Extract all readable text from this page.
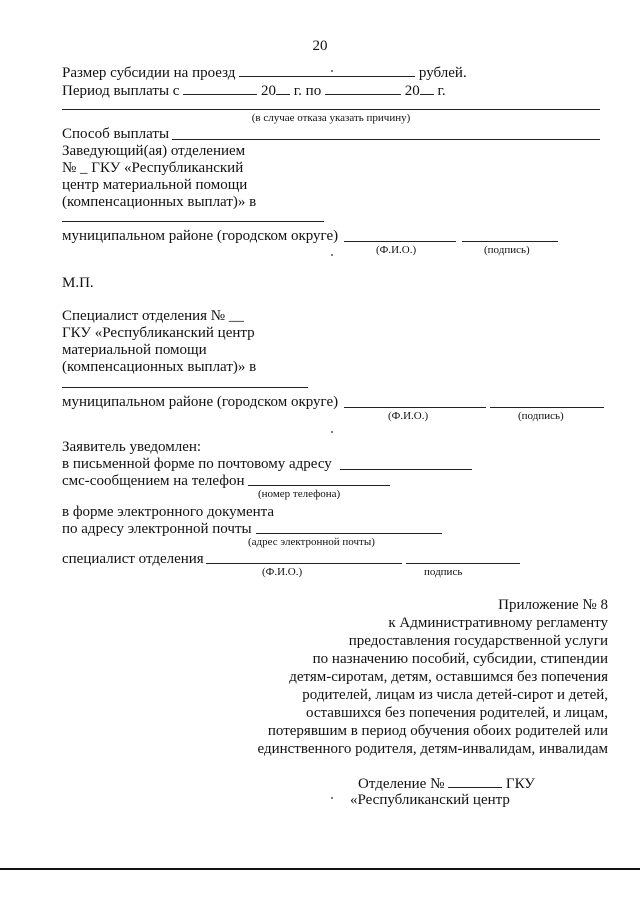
20
Размер субсидии на проезд	рублей.
Период выплаты с	20 г. по	20 г.
(в случае отказа указать причину)
Способ выплаты
Заведующий(ая) отделением
№ _ ГКУ «Республиканский
центр материальной помощи
(компенсационных выплат)» в
муниципальном районе (городском округе)
(Ф.И.О.)	(подпись)
М.П.
Специалист отделения № __
ГКУ «Республиканский центр
материальной помощи
(компенсационных выплат)» в
муниципальном районе (городском округе)
(Ф.И.О.)	(подпись)
Заявитель уведомлен:
в письменной форме по почтовому адресу
смс-сообщением на телефон
(номер телефона)
в форме электронного документа
по адресу электронной почты
(адрес электронной почты)
специалист отделения
(Ф.И.О.)	подпись
Приложение № 8
к Административному регламенту
предоставления государственной услуги
по назначению пособий, субсидии, стипендии
детям-сиротам, детям, оставшимся без попечения
родителей, лицам из числа детей-сирот и детей,
оставшихся без попечения родителей, и лицам,
потерявшим в период обучения обоих родителей или
единственного родителя, детям-инвалидам, инвалидам
Отделение №	ГКУ
«Республиканский центр
